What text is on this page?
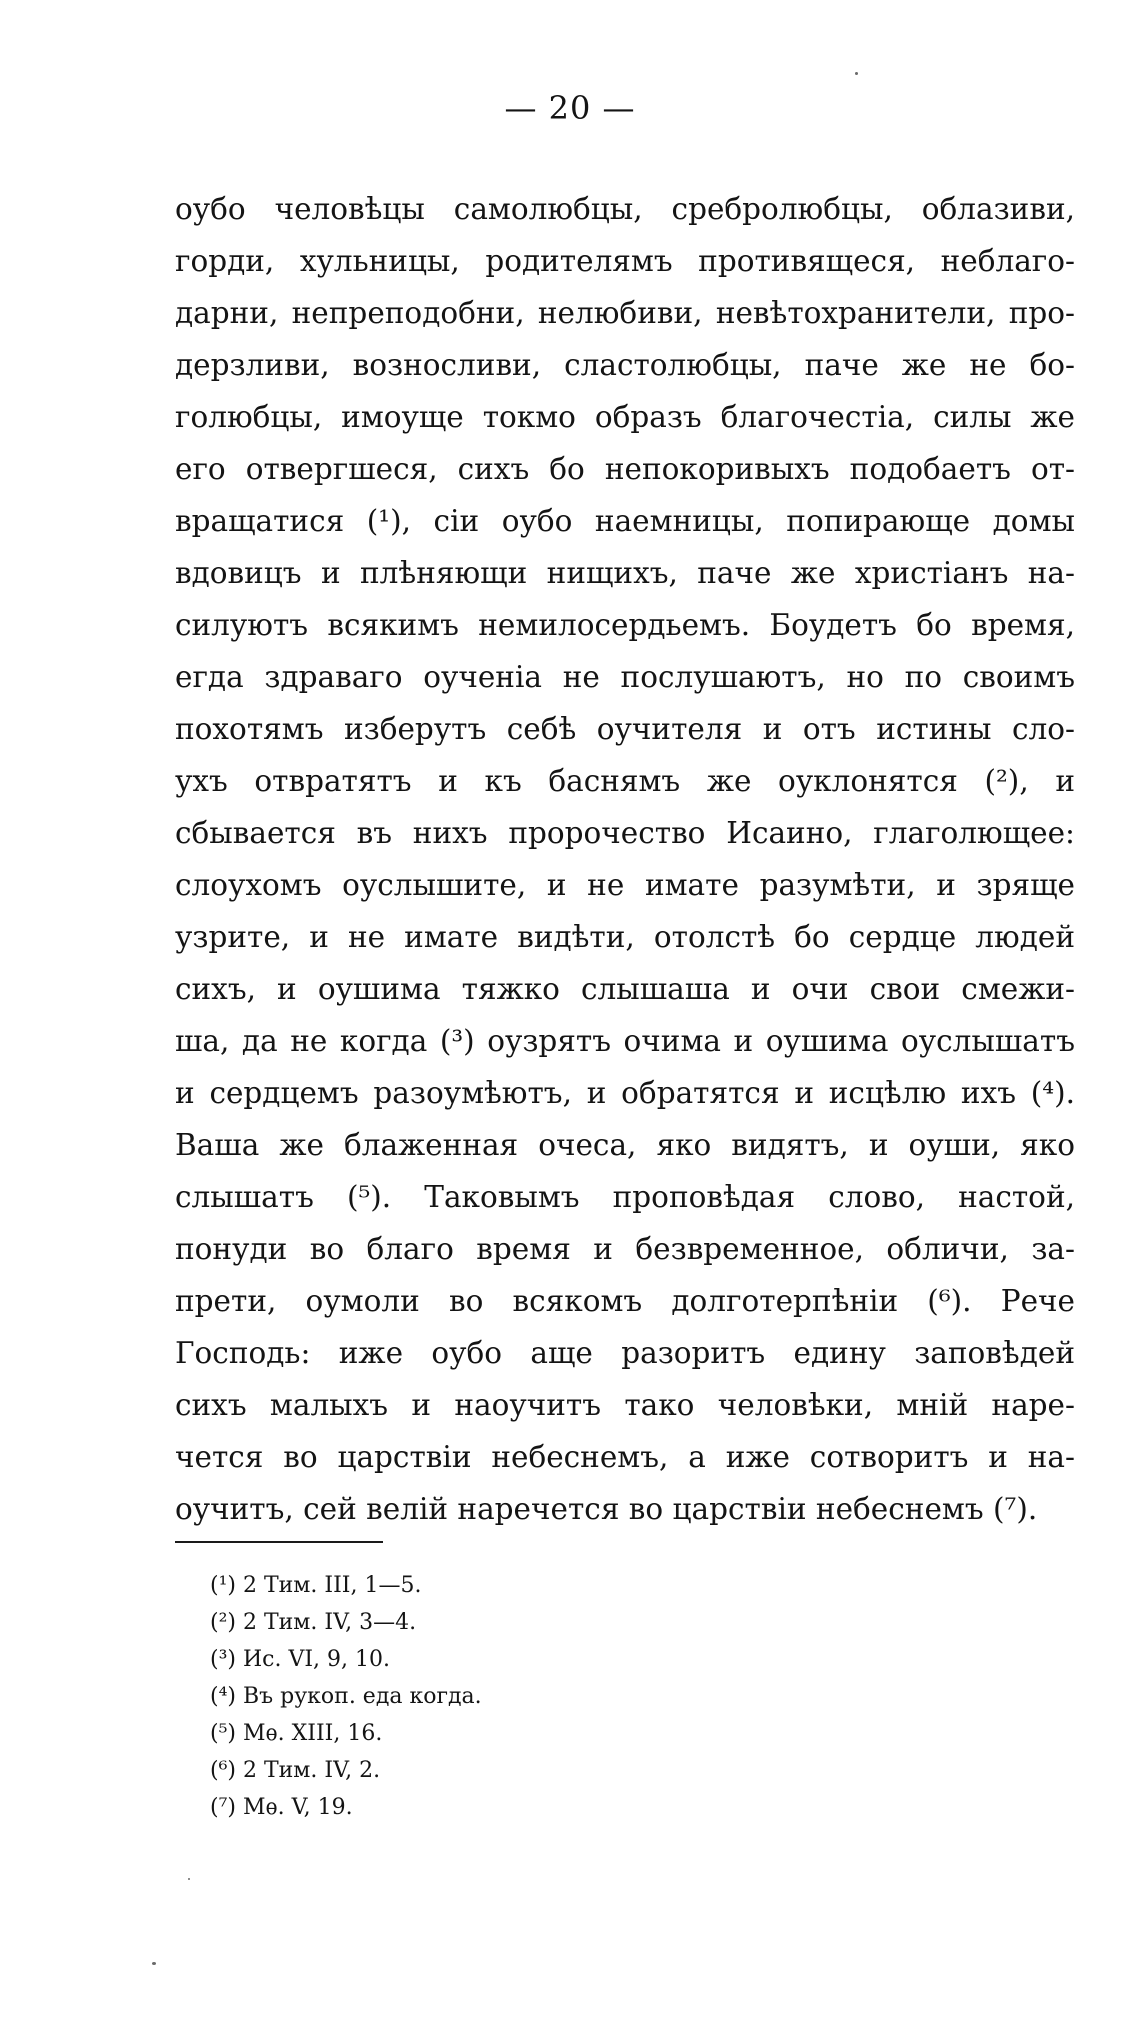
— 20 —
оубо человѣцы самолюбцы, сребролюбцы, облазиви,
горди, хульницы, родителямъ противящеся, неблаго-
дарни, непреподобни, нелюбиви, невѣтохранители, про-
дерзливи, вознoсливи, сластолюбцы, паче же не бо-
голюбцы, имоуще токмо образъ благочестіа, силы же
его отвергшеся, сихъ бо непокоривыхъ подобаетъ от-
вращатися (¹), сіи оубо наемницы, попирающе домы
вдовицъ и плѣняющи нищихъ, паче же христіанъ на-
силуютъ всякимъ немилосердьемъ. Боудетъ бо время,
егда здраваго оученіа не послушаютъ, но по своимъ
похотямъ изберутъ себѣ оучителя и отъ истины сло-
ухъ отвратятъ и къ баснямъ же оуклонятся (²), и
сбывается въ нихъ пророчество Исаино, глаголющее:
слоухомъ оуслышите, и не имате разумѣти, и зряще
узрите, и не имате видѣти, отолстѣ бо сердце людей
сихъ, и оушима тяжко слышаша и очи свои смежи-
ша, да не когда (³) оузрятъ очима и оушима оуслышатъ
и сердцемъ разоумѣютъ, и обратятся и исцѣлю ихъ (⁴).
Ваша же блаженная очеса, яко видятъ, и оуши, яко
слышатъ (⁵). Таковымъ проповѣдая слово, настой,
понуди во благо время и безвременное, обличи, за-
прети, оумоли во всякомъ долготерпѣніи (⁶). Рече
Господь: иже оубо аще разоритъ едину заповѣдей
сихъ малыхъ и наоучитъ тако человѣки, мній наре-
чется во царствіи небеснемъ, а иже сотворитъ и на-
оучитъ, сей велій наречется во царствіи небеснемъ (⁷).
(¹) 2 Тим. III, 1—5.
(²) 2 Тим. IV, 3—4.
(³) Ис. VI, 9, 10.
(⁴) Въ рукоп. еда когда.
(⁵) Мѳ. XIII, 16.
(⁶) 2 Тим. IV, 2.
(⁷) Мѳ. V, 19.
